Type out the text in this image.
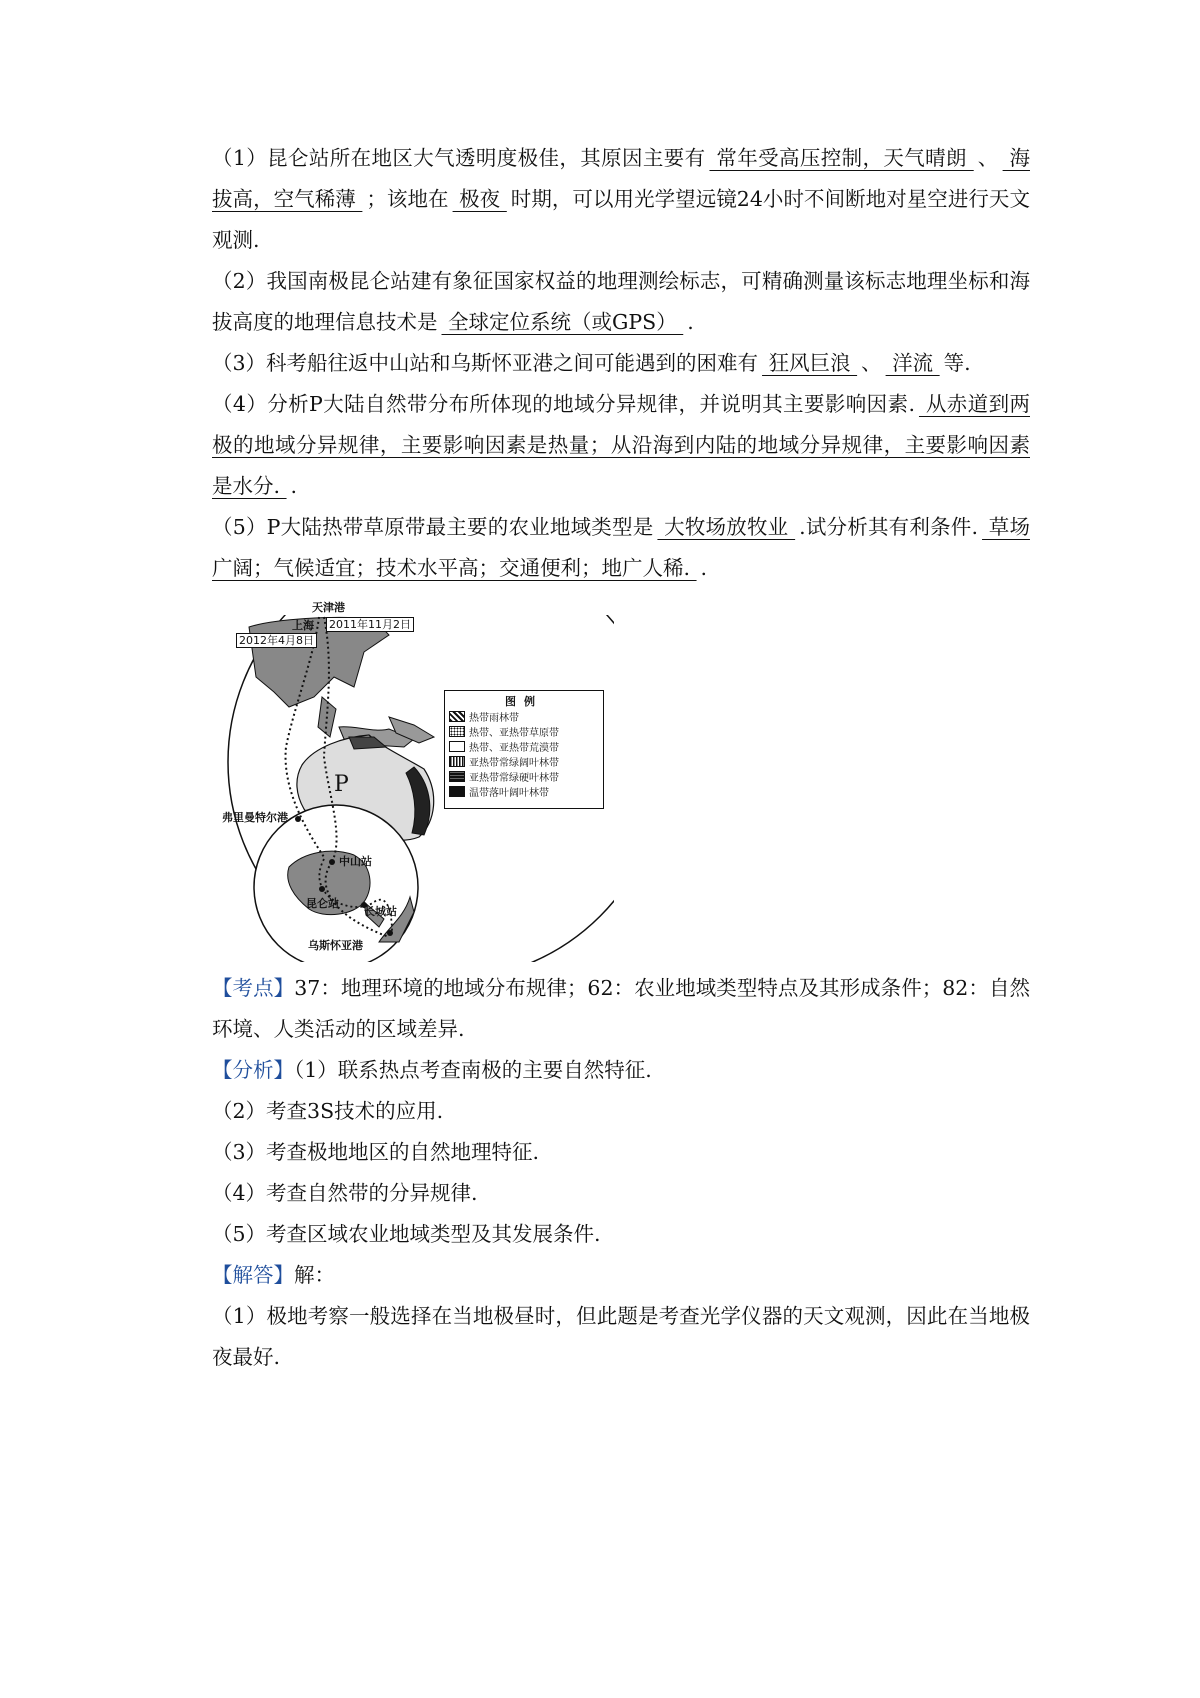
（1）昆仑站所在地区大气透明度极佳，其原因主要有 常年受高压控制，天气晴朗 、 海拔高，空气稀薄 ；该地在 极夜 时期，可以用光学望远镜24小时不间断地对星空进行天文观测.

（2）我国南极昆仑站建有象征国家权益的地理测绘标志，可精确测量该标志地理坐标和海拔高度的地理信息技术是 全球定位系统（或GPS） .

（3）科考船往返中山站和乌斯怀亚港之间可能遇到的困难有 狂风巨浪 、 洋流 等.

（4）分析P大陆自然带分布所体现的地域分异规律，并说明其主要影响因素. 从赤道到两极的地域分异规律，主要影响因素是热量；从沿海到内陆的地域分异规律，主要影响因素是水分. .

（5）P大陆热带草原带最主要的农业地域类型是 大牧场放牧业 .试分析其有利条件. 草场广阔；气候适宜；技术水平高；交通便利；地广人稀. .

天津港
上海 2011年11月2日
2012年4月8日
P
弗里曼特尔港
中山站
昆仑站
长城站
乌斯怀亚港
图例
热带雨林带
热带、亚热带草原带
热带、亚热带荒漠带
亚热带常绿阔叶林带
亚热带常绿硬叶林带
温带落叶阔叶林带

【考点】37：地理环境的地域分布规律；62：农业地域类型特点及其形成条件；82：自然环境、人类活动的区域差异.

【分析】（1）联系热点考查南极的主要自然特征.

（2）考查3S技术的应用.

（3）考查极地地区的自然地理特征.

（4）考查自然带的分异规律.

（5）考查区域农业地域类型及其发展条件.

【解答】解：

（1）极地考察一般选择在当地极昼时，但此题是考查光学仪器的天文观测，因此在当地极夜最好.
